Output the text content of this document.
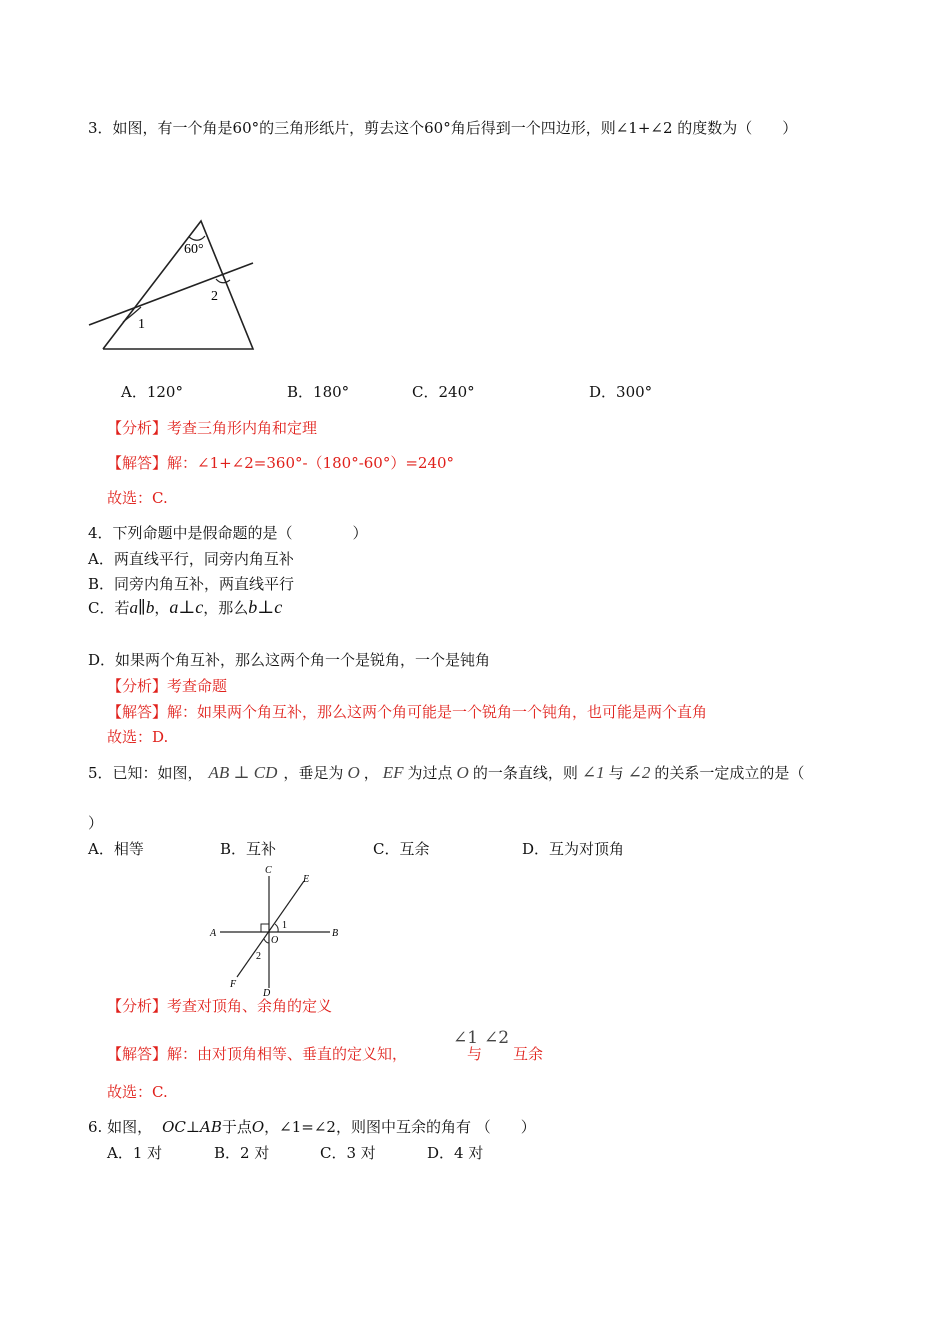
3．如图，有一个角是60°的三角形纸片，剪去这个60°角后得到一个四边形，则∠1+∠2 的度数为（　　）
60°
1
2
A．120°	B．180°	C．240°	D．300°
【分析】考查三角形内角和定理
【解答】解：∠1+∠2=360°-（180°-60°）=240°
故选：C.
4．下列命题中是假命题的是（　　　　）
A．两直线平行，同旁内角互补
B．同旁内角互补，两直线平行
C．若a∥b，a⊥c，那么b⊥c
D．如果两个角互补，那么这两个角一个是锐角，一个是钝角
【分析】考查命题
【解答】解：如果两个角互补，那么这两个角可能是一个锐角一个钝角，也可能是两个直角
故选：D.
5．已知：如图， AB ⊥ CD ，垂足为 O ， EF 为过点 O 的一条直线，则 ∠1 与 ∠2 的关系一定成立的是（
）
A．相等	B．互补	C．互余	D．互为对顶角
C
E
A	B
O
F
D
1
2
【分析】考查对顶角、余角的定义
【解答】解：由对顶角相等、垂直的定义知，
∠1
与
∠2
互余
故选：C.
6. 如图， OC⊥AB于点O，∠1=∠2，则图中互余的角有 （　　）
A．1 对	B．2 对	C．3 对	D．4 对
